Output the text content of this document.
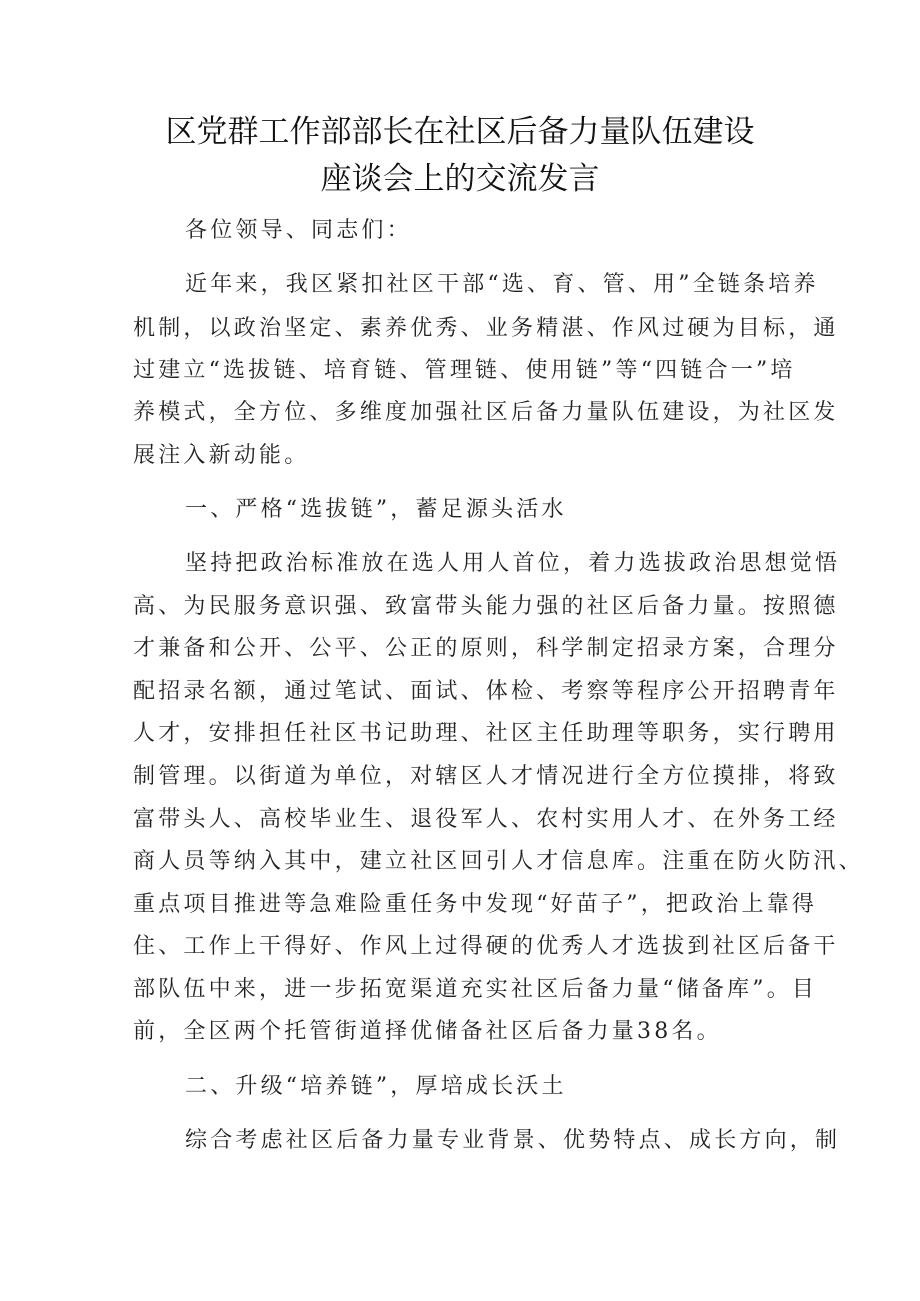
区党群工作部部长在社区后备力量队伍建设
座谈会上的交流发言
各位领导、同志们：
近年来，我区紧扣社区干部“选、育、管、用”全链条培养
机制，以政治坚定、素养优秀、业务精湛、作风过硬为目标，通
过建立“选拔链、培育链、管理链、使用链”等“四链合一”培
养模式，全方位、多维度加强社区后备力量队伍建设，为社区发
展注入新动能。
一、严格“选拔链”，蓄足源头活水
坚持把政治标准放在选人用人首位，着力选拔政治思想觉悟
高、为民服务意识强、致富带头能力强的社区后备力量。按照德
才兼备和公开、公平、公正的原则，科学制定招录方案，合理分
配招录名额，通过笔试、面试、体检、考察等程序公开招聘青年
人才，安排担任社区书记助理、社区主任助理等职务，实行聘用
制管理。以街道为单位，对辖区人才情况进行全方位摸排，将致
富带头人、高校毕业生、退役军人、农村实用人才、在外务工经
商人员等纳入其中，建立社区回引人才信息库。注重在防火防汛、
重点项目推进等急难险重任务中发现“好苗子”，把政治上靠得
住、工作上干得好、作风上过得硬的优秀人才选拔到社区后备干
部队伍中来，进一步拓宽渠道充实社区后备力量“储备库”。目
前，全区两个托管街道择优储备社区后备力量38名。
二、升级“培养链”，厚培成长沃土
综合考虑社区后备力量专业背景、优势特点、成长方向，制
